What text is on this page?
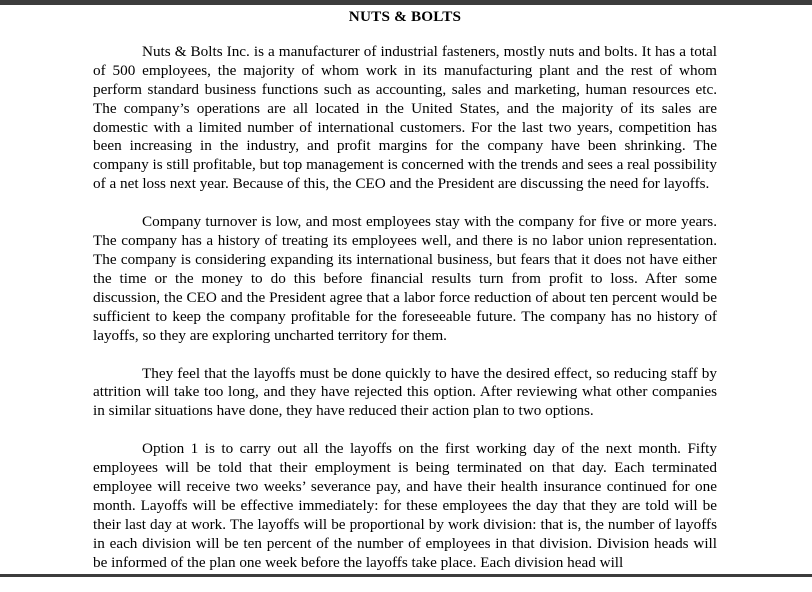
NUTS & BOLTS

Nuts & Bolts Inc. is a manufacturer of industrial fasteners, mostly nuts and bolts. It has a total of 500 employees, the majority of whom work in its manufacturing plant and the rest of whom perform standard business functions such as accounting, sales and marketing, human resources etc. The company’s operations are all located in the United States, and the majority of its sales are domestic with a limited number of international customers. For the last two years, competition has been increasing in the industry, and profit margins for the company have been shrinking. The company is still profitable, but top management is concerned with the trends and sees a real possibility of a net loss next year. Because of this, the CEO and the President are discussing the need for layoffs.

Company turnover is low, and most employees stay with the company for five or more years. The company has a history of treating its employees well, and there is no labor union representation. The company is considering expanding its international business, but fears that it does not have either the time or the money to do this before financial results turn from profit to loss. After some discussion, the CEO and the President agree that a labor force reduction of about ten percent would be sufficient to keep the company profitable for the foreseeable future. The company has no history of layoffs, so they are exploring uncharted territory for them.

They feel that the layoffs must be done quickly to have the desired effect, so reducing staff by attrition will take too long, and they have rejected this option. After reviewing what other companies in similar situations have done, they have reduced their action plan to two options.

Option 1 is to carry out all the layoffs on the first working day of the next month. Fifty employees will be told that their employment is being terminated on that day. Each terminated employee will receive two weeks’ severance pay, and have their health insurance continued for one month. Layoffs will be effective immediately: for these employees the day that they are told will be their last day at work. The layoffs will be proportional by work division: that is, the number of layoffs in each division will be ten percent of the number of employees in that division. Division heads will be informed of the plan one week before the layoffs take place. Each division head will
